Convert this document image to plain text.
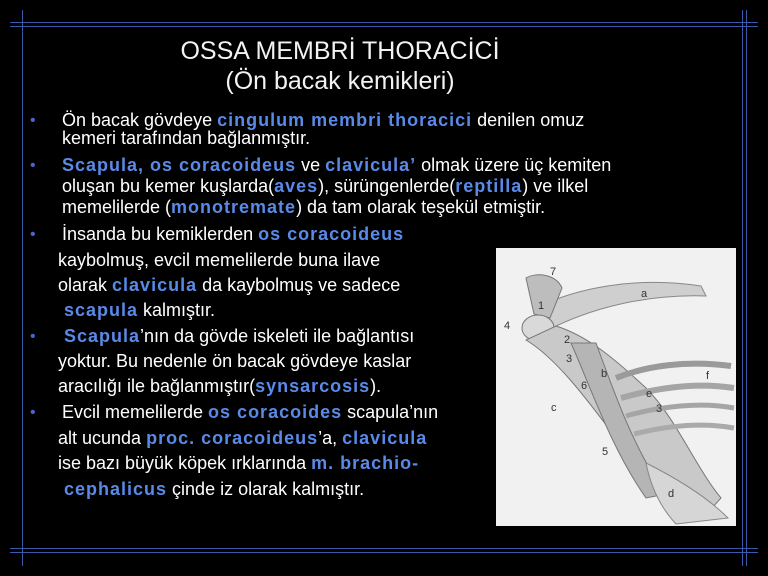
OSSA MEMBRİ THORACİCİ
(Ön bacak kemikleri)
• Ön bacak gövdeye cingulum membri thoracici denilen omuz
kemeri tarafından bağlanmıştır.
• Scapula, os coracoideus ve clavicula’ olmak üzere üç kemiten
oluşan bu kemer kuşlarda(aves), sürüngenlerde(reptilla) ve ilkel
memelilerde (monotremate) da tam olarak teşekül etmiştir.
• İnsanda bu kemiklerden os coracoideus
kaybolmuş, evcil memelilerde buna ilave
olarak clavicula da kaybolmuş ve sadece
scapula kalmıştır.
• Scapula’nın da gövde iskeleti ile bağlantısı
yoktur. Bu nedenle ön bacak gövdeye kaslar
aracılığı ile bağlanmıştır(synsarcosis).
• Evcil memelilerde os coracoides scapula’nın
alt ucunda proc. coracoideus’a, clavicula
ise bazı büyük köpek ırklarında m. brachio-
cephalicus çinde iz olarak kalmıştır.
7
a
1
4
2
3
b
6
c
e
3
f
5
d
